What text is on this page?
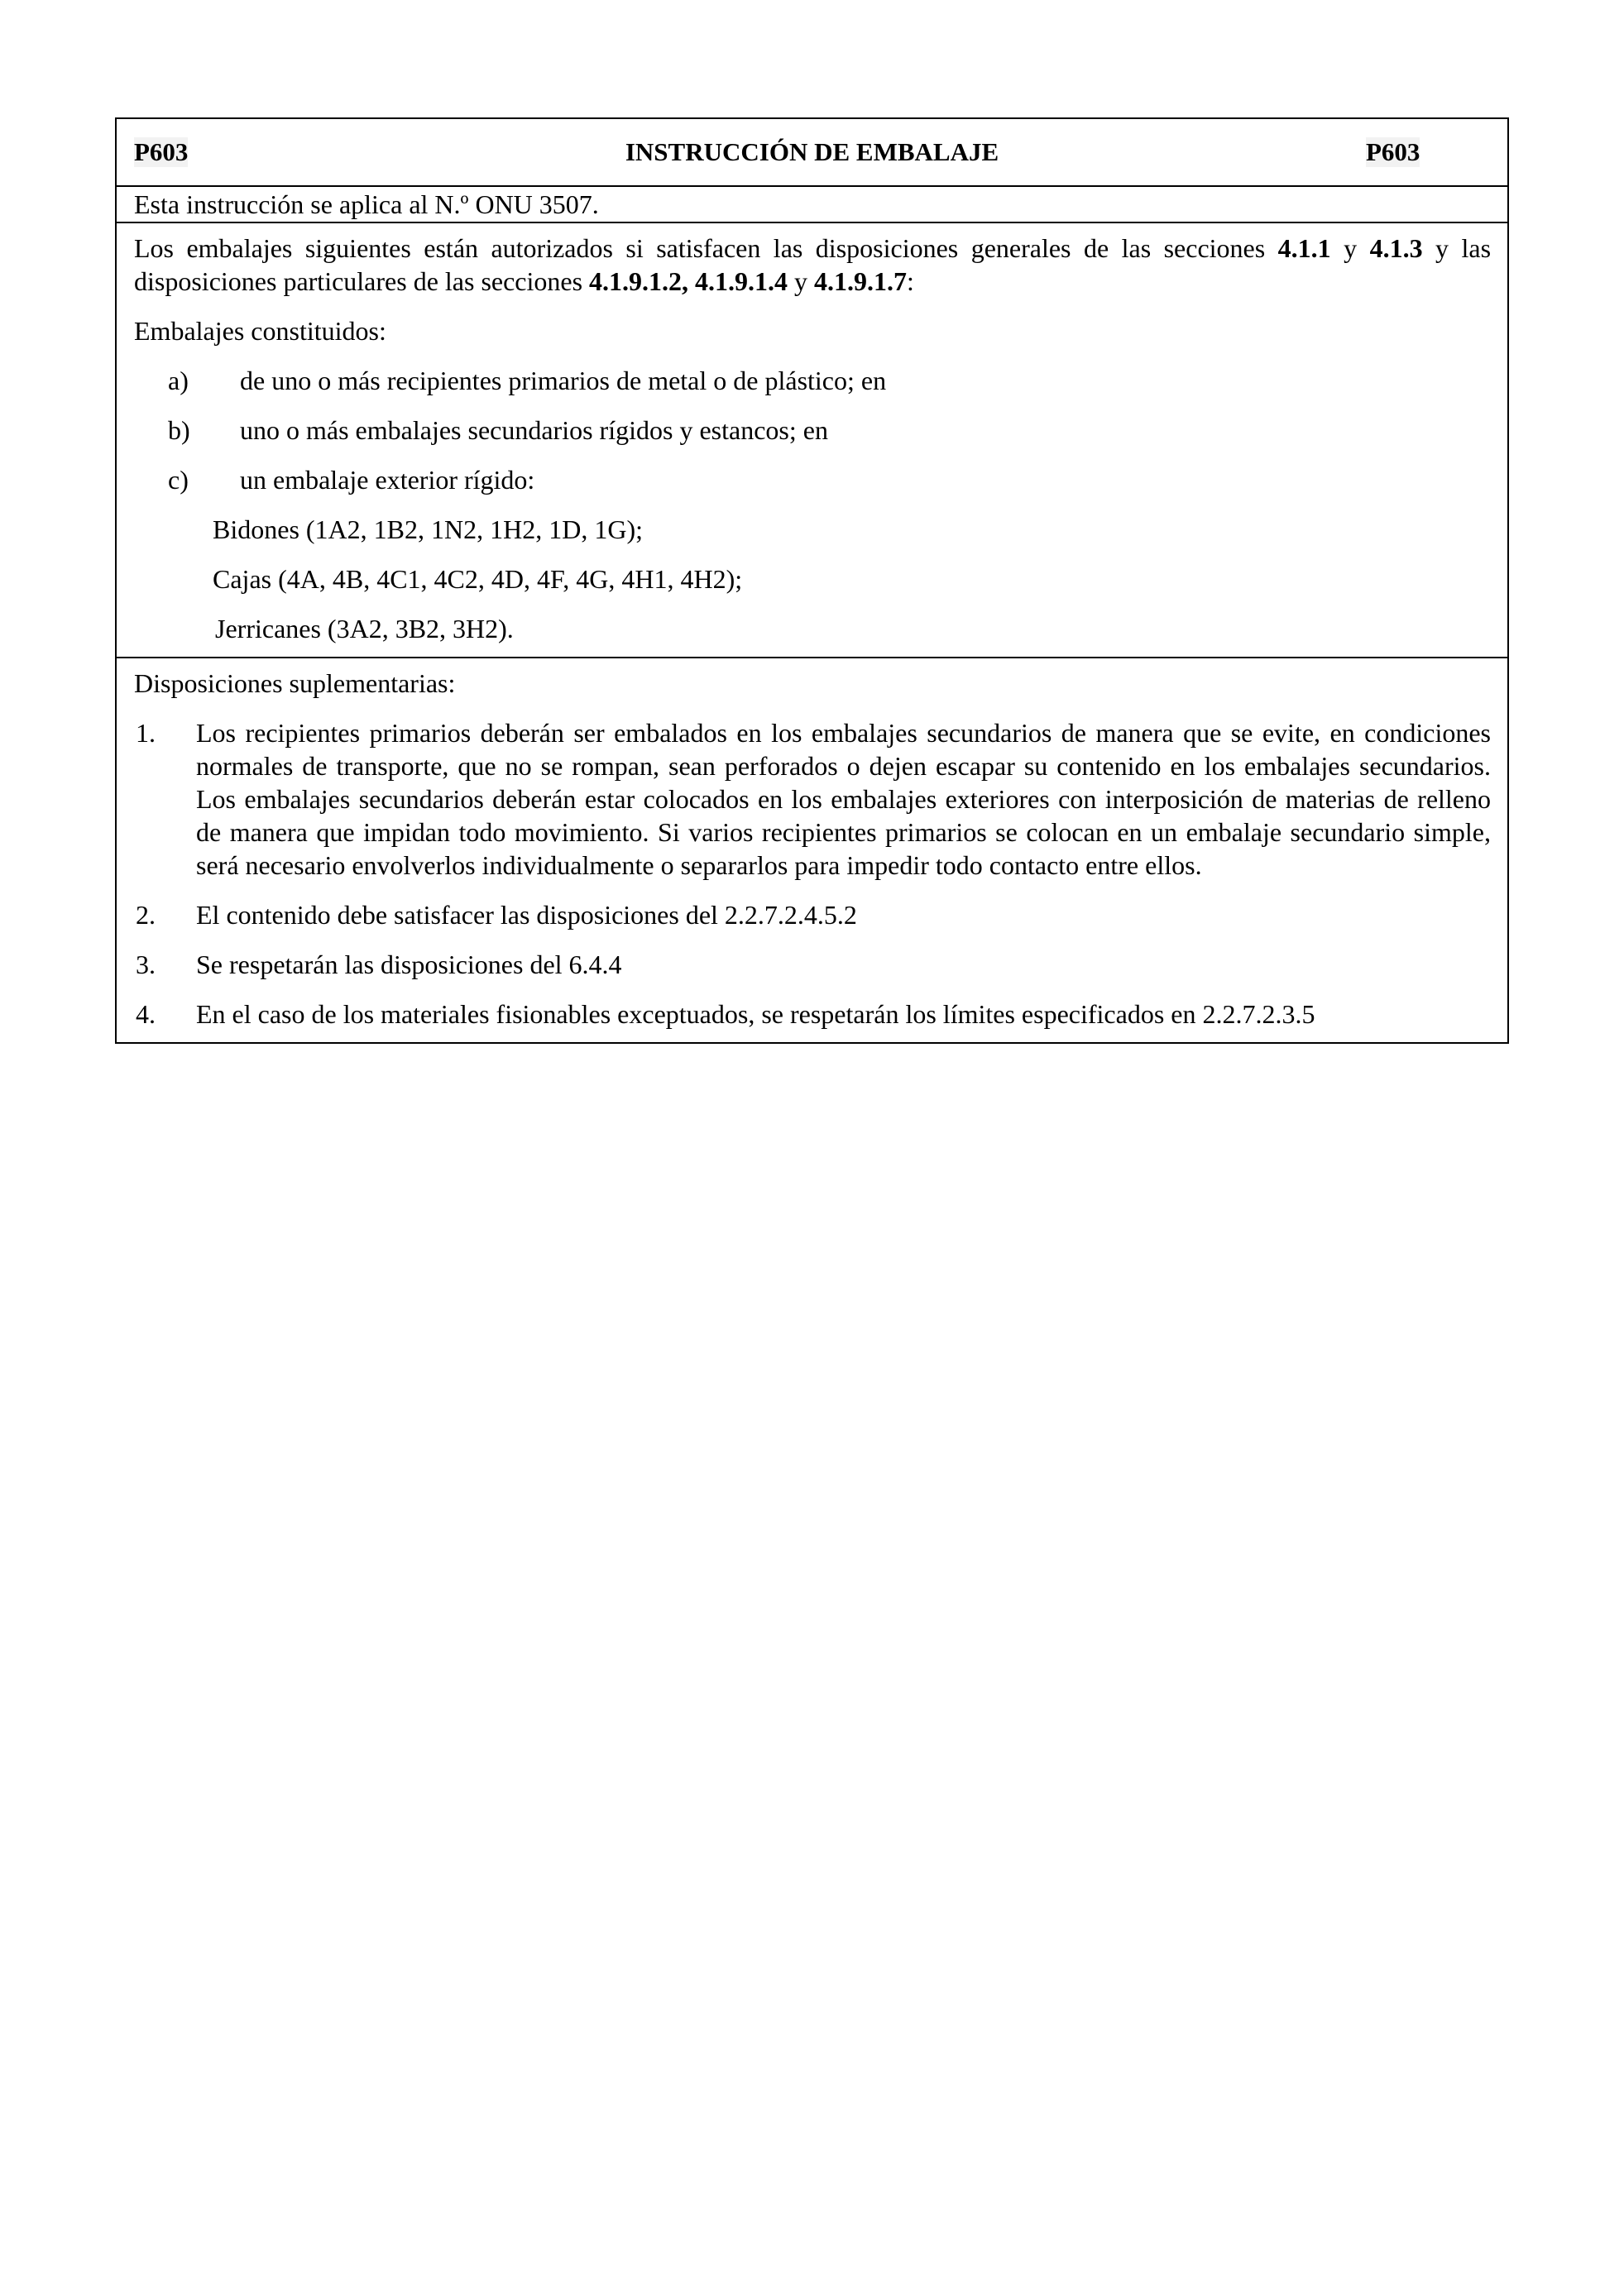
P603	INSTRUCCIÓN DE EMBALAJE	P603

Esta instrucción se aplica al N.º ONU 3507.

Los embalajes siguientes están autorizados si satisfacen las disposiciones generales de las secciones 4.1.1 y 4.1.3 y las disposiciones particulares de las secciones 4.1.9.1.2, 4.1.9.1.4 y 4.1.9.1.7:

Embalajes constituidos:

a) de uno o más recipientes primarios de metal o de plástico; en
b) uno o más embalajes secundarios rígidos y estancos; en
c) un embalaje exterior rígido:
Bidones (1A2, 1B2, 1N2, 1H2, 1D, 1G);
Cajas (4A, 4B, 4C1, 4C2, 4D, 4F, 4G, 4H1, 4H2);
Jerricanes (3A2, 3B2, 3H2).

Disposiciones suplementarias:

1. Los recipientes primarios deberán ser embalados en los embalajes secundarios de manera que se evite, en condiciones normales de transporte, que no se rompan, sean perforados o dejen escapar su contenido en los embalajes secundarios. Los embalajes secundarios deberán estar colocados en los embalajes exteriores con interposición de materias de relleno de manera que impidan todo movimiento. Si varios recipientes primarios se colocan en un embalaje secundario simple, será necesario envolverlos individualmente o separarlos para impedir todo contacto entre ellos.
2. El contenido debe satisfacer las disposiciones del 2.2.7.2.4.5.2
3. Se respetarán las disposiciones del 6.4.4
4. En el caso de los materiales fisionables exceptuados, se respetarán los límites especificados en 2.2.7.2.3.5
